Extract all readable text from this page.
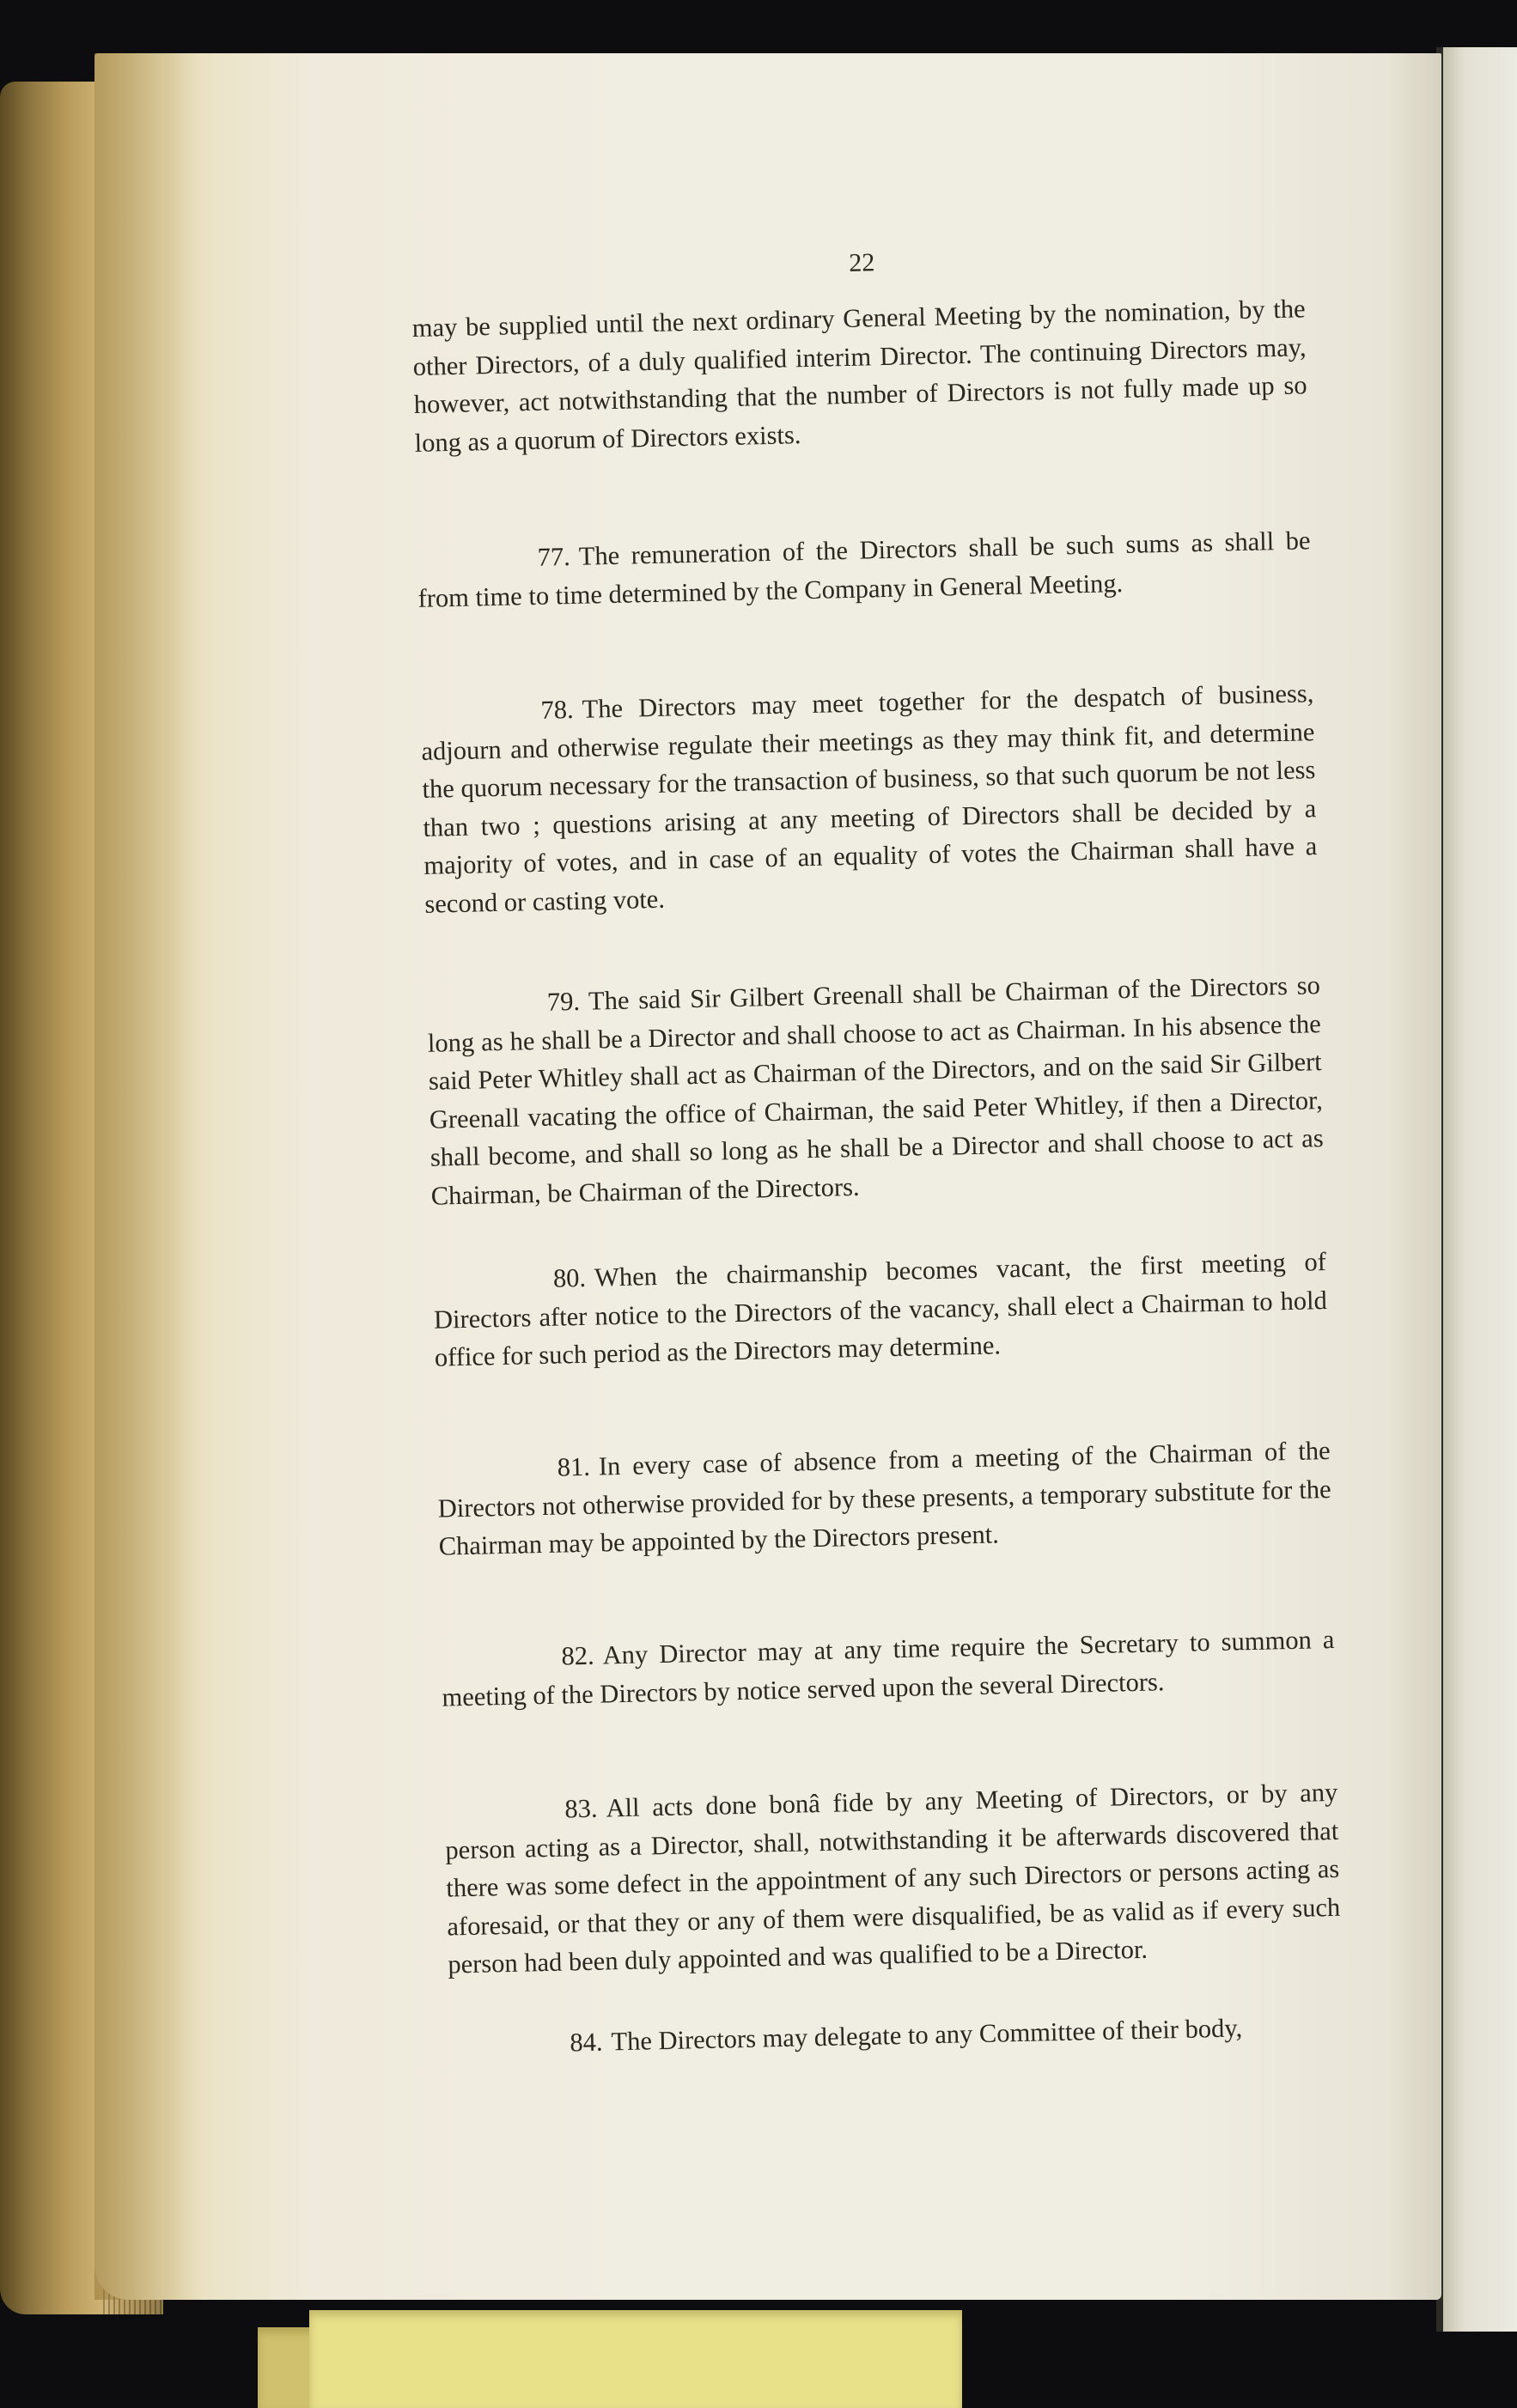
22

may be supplied until the next ordinary General Meeting by the nomination, by the other Directors, of a duly qualified interim Director. The continuing Directors may, however, act notwithstanding that the number of Directors is not fully made up so long as a quorum of Directors exists.

77. The remuneration of the Directors shall be such sums as shall be from time to time determined by the Company in General Meeting.

78. The Directors may meet together for the despatch of business, adjourn and otherwise regulate their meetings as they may think fit, and determine the quorum necessary for the transaction of business, so that such quorum be not less than two ; questions arising at any meeting of Directors shall be decided by a majority of votes, and in case of an equality of votes the Chairman shall have a second or casting vote.

79. The said Sir Gilbert Greenall shall be Chairman of the Directors so long as he shall be a Director and shall choose to act as Chairman. In his absence the said Peter Whitley shall act as Chairman of the Directors, and on the said Sir Gilbert Greenall vacating the office of Chairman, the said Peter Whitley, if then a Director, shall become, and shall so long as he shall be a Director and shall choose to act as Chairman, be Chairman of the Directors.

80. When the chairmanship becomes vacant, the first meeting of Directors after notice to the Directors of the vacancy, shall elect a Chairman to hold office for such period as the Directors may determine.

81. In every case of absence from a meeting of the Chairman of the Directors not otherwise provided for by these presents, a temporary substitute for the Chairman may be appointed by the Directors present.

82. Any Director may at any time require the Secretary to summon a meeting of the Directors by notice served upon the several Directors.

83. All acts done bonâ fide by any Meeting of Directors, or by any person acting as a Director, shall, notwithstanding it be afterwards discovered that there was some defect in the appointment of any such Directors or persons acting as aforesaid, or that they or any of them were disqualified, be as valid as if every such person had been duly appointed and was qualified to be a Director.

84. The Directors may delegate to any Committee of their body,
